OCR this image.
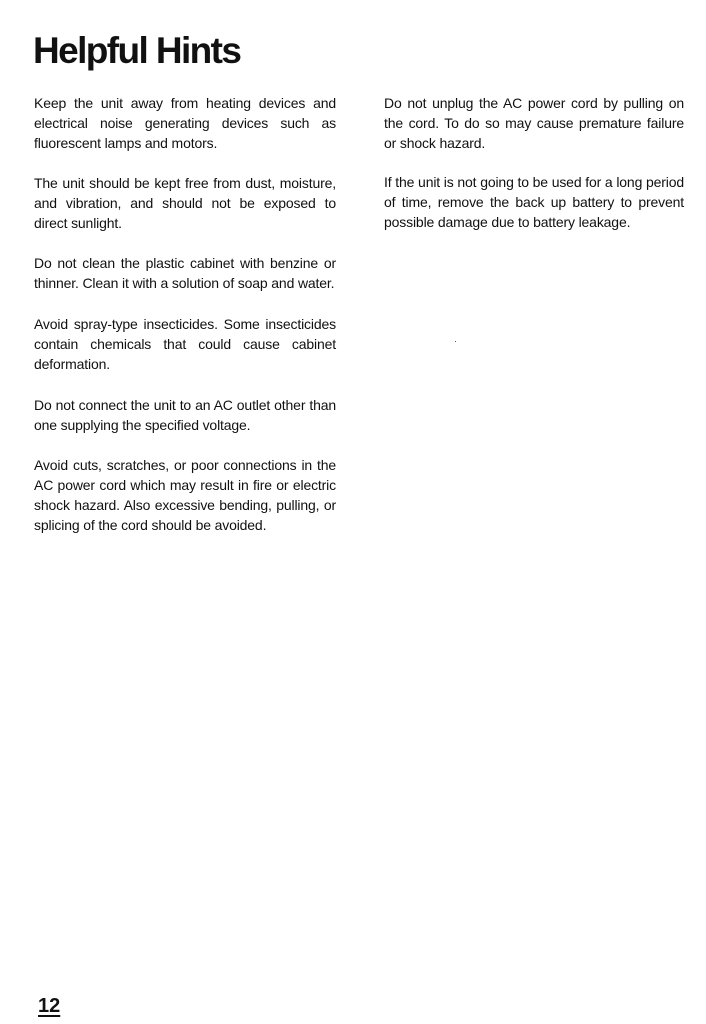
Helpful Hints

Keep the unit away from heating devices and electrical noise generating devices such as fluorescent lamps and motors.

The unit should be kept free from dust, moisture, and vibration, and should not be exposed to direct sunlight.

Do not clean the plastic cabinet with benzine or thinner. Clean it with a solution of soap and water.

Avoid spray-type insecticides. Some insecticides contain chemicals that could cause cabinet deformation.

Do not connect the unit to an AC outlet other than one supplying the specified voltage.

Avoid cuts, scratches, or poor connections in the AC power cord which may result in fire or electric shock hazard. Also excessive bending, pulling, or splicing of the cord should be avoided.

Do not unplug the AC power cord by pulling on the cord. To do so may cause premature failure or shock hazard.

If the unit is not going to be used for a long period of time, remove the back up battery to prevent possible damage due to battery leakage.

12
